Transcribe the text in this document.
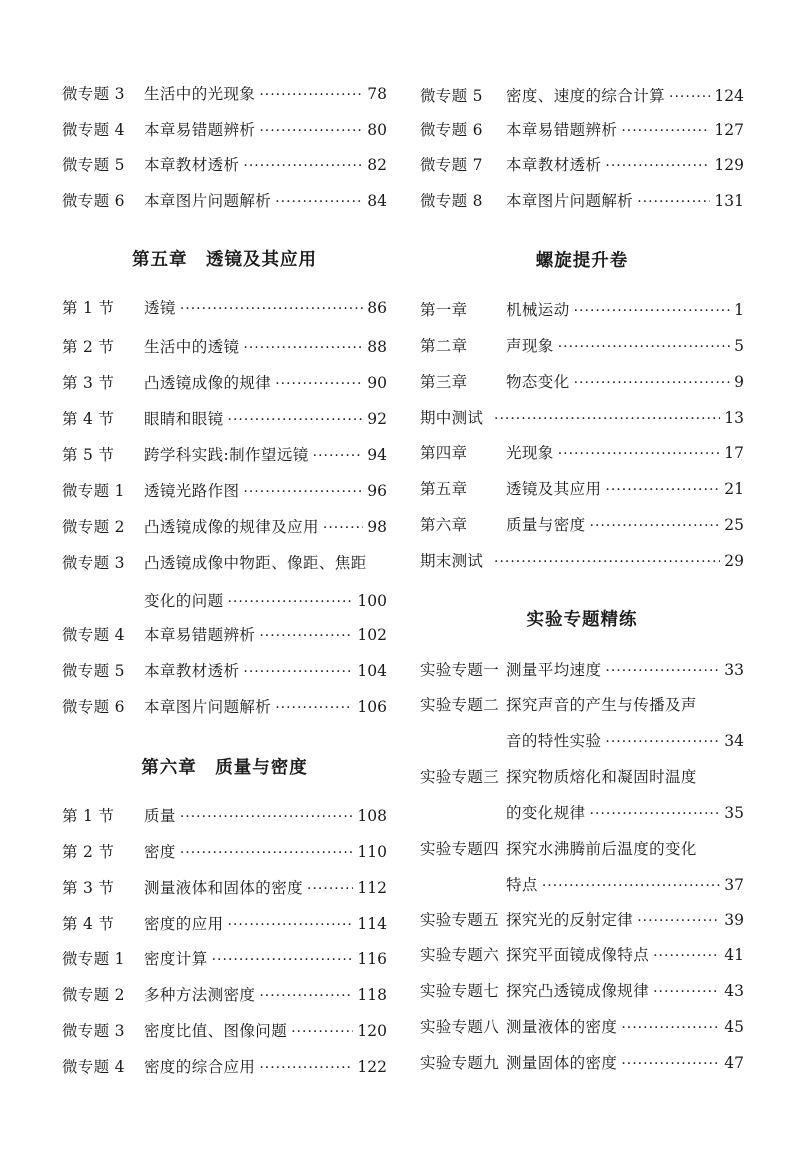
微专题 3 生活中的光现象 ·····	78
微专题 4 本章易错题辨析 ·····	80
微专题 5 本章教材透析 ·····	82
微专题 6 本章图片问题解析 ·····	84
第五章　透镜及其应用
第 1 节 透镜 ·····	86
第 2 节 生活中的透镜 ·····	88
第 3 节 凸透镜成像的规律 ·····	90
第 4 节 眼睛和眼镜 ·····	92
第 5 节 跨学科实践:制作望远镜 ·····	94
微专题 1 透镜光路作图 ·····	96
微专题 2 凸透镜成像的规律及应用 ·····	98
微专题 3 凸透镜成像中物距、像距、焦距
变化的问题 ·····	100
微专题 4 本章易错题辨析 ·····	102
微专题 5 本章教材透析 ·····	104
微专题 6 本章图片问题解析 ·····	106
第六章　质量与密度
第 1 节 质量 ·····	108
第 2 节 密度 ·····	110
第 3 节 测量液体和固体的密度 ·····	112
第 4 节 密度的应用 ·····	114
微专题 1 密度计算 ·····	116
微专题 2 多种方法测密度 ·····	118
微专题 3 密度比值、图像问题 ·····	120
微专题 4 密度的综合应用 ·····	122
微专题 5 密度、速度的综合计算 ·····	124
微专题 6 本章易错题辨析 ·····	127
微专题 7 本章教材透析 ·····	129
微专题 8 本章图片问题解析 ·····	131
螺旋提升卷
第一章 机械运动 ·····	1
第二章 声现象 ·····	5
第三章 物态变化 ·····	9
期中测试 ·····	13
第四章 光现象 ·····	17
第五章 透镜及其应用 ·····	21
第六章 质量与密度 ·····	25
期末测试 ·····	29
实验专题精练
实验专题一 测量平均速度 ·····	33
实验专题二 探究声音的产生与传播及声
音的特性实验 ·····	34
实验专题三 探究物质熔化和凝固时温度
的变化规律 ·····	35
实验专题四 探究水沸腾前后温度的变化
特点 ·····	37
实验专题五 探究光的反射定律 ·····	39
实验专题六 探究平面镜成像特点 ·····	41
实验专题七 探究凸透镜成像规律 ·····	43
实验专题八 测量液体的密度 ·····	45
实验专题九 测量固体的密度 ·····	47
